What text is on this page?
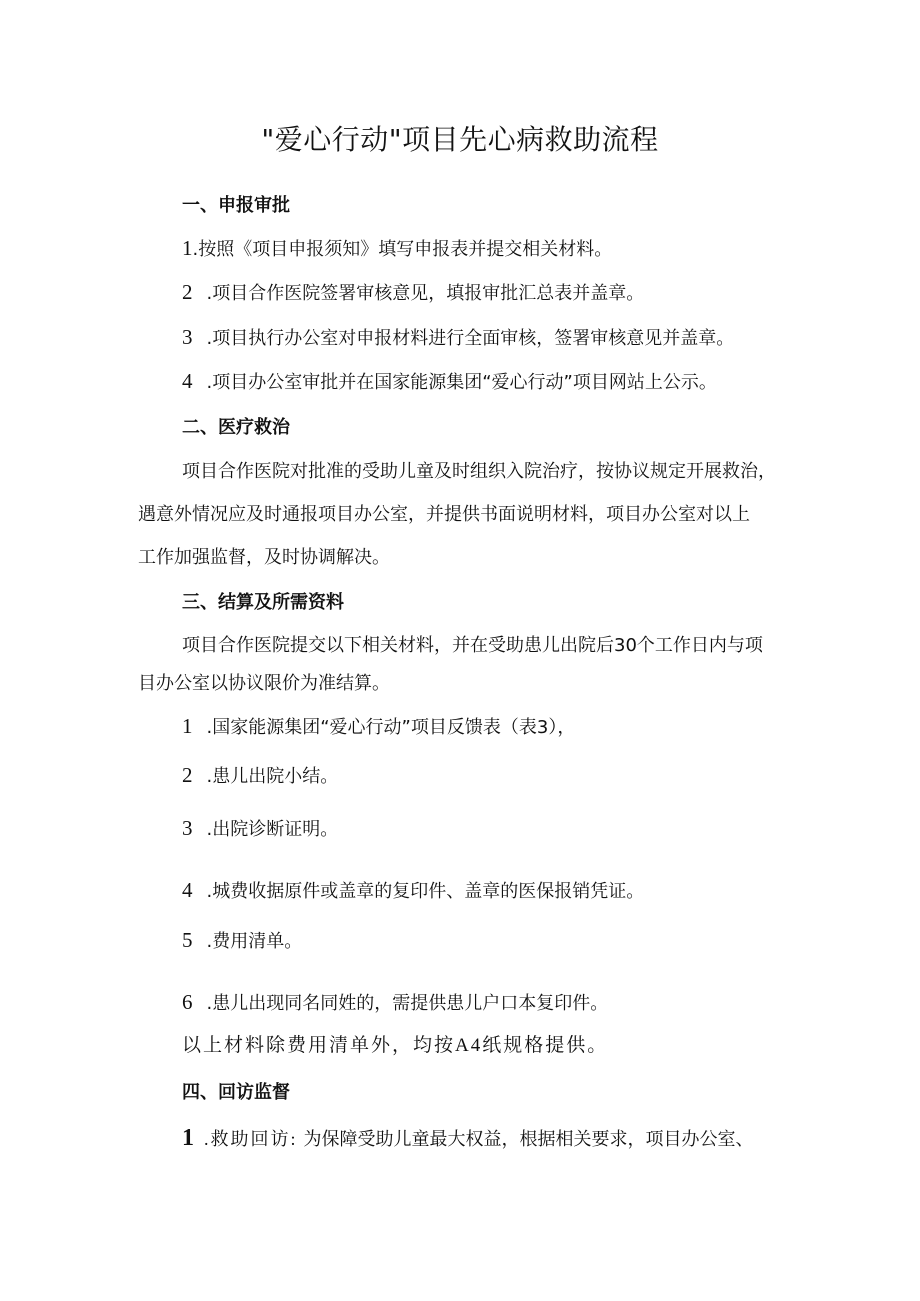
"爱心行动"项目先心病救助流程
一、申报审批
1.按照《项目申报须知》填写申报表并提交相关材料。
2 .项目合作医院签署审核意见，填报审批汇总表并盖章。
3 .项目执行办公室对申报材料进行全面审核，签署审核意见并盖章。
4 .项目办公室审批并在国家能源集团“爱心行动”项目网站上公示。
二、医疗救治
项目合作医院对批准的受助儿童及时组织入院治疗，按协议规定开展救治，
遇意外情况应及时通报项目办公室，并提供书面说明材料，项目办公室对以上
工作加强监督，及时协调解决。
三、结算及所需资料
项目合作医院提交以下相关材料，并在受助患儿出院后30个工作日内与项
目办公室以协议限价为准结算。
1 .国家能源集团“爱心行动”项目反馈表（表3），
2 .患儿出院小结。
3 .出院诊断证明。
4 .城费收据原件或盖章的复印件、盖章的医保报销凭证。
5 .费用清单。
6 .患儿出现同名同姓的，需提供患儿户口本复印件。
以上材料除费用清单外，均按A4纸规格提供。
四、回访监督
1 .救助回访: 为保障受助儿童最大权益，根据相关要求，项目办公室、
